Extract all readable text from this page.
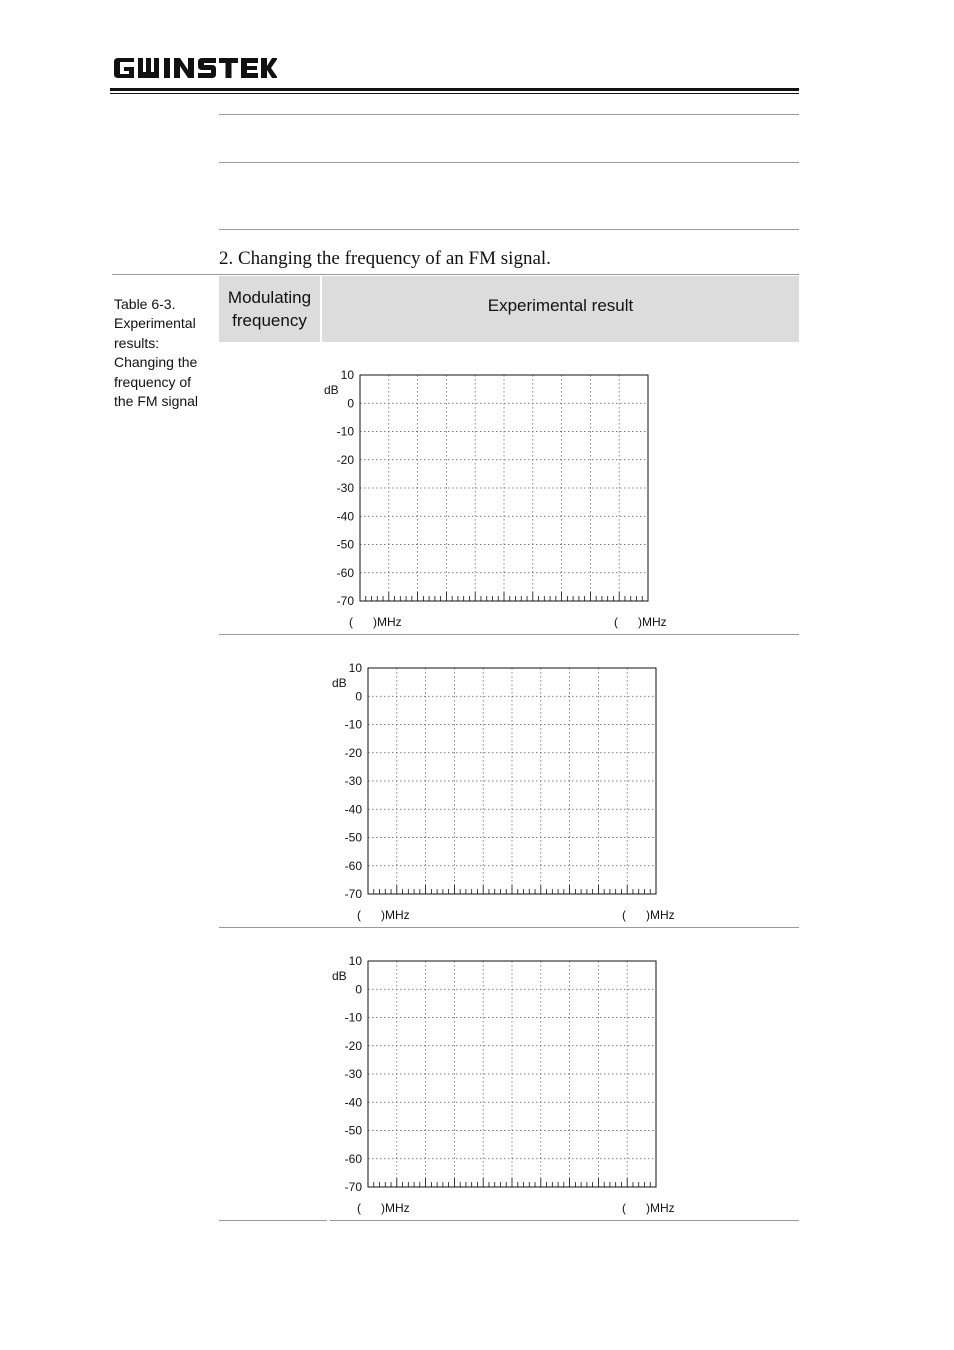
2. Changing the frequency of an FM signal.
Table 6-3.
Experimental
results:
Changing the
frequency of
the FM signal
Modulating
frequency
Experimental result
10
0
-10
-20
-30
-40
-50
-60
-70
dB
(      )MHz	(      )MHz
10
0
-10
-20
-30
-40
-50
-60
-70
dB
(      )MHz	(      )MHz
10
0
-10
-20
-30
-40
-50
-60
-70
dB
(      )MHz	(      )MHz
